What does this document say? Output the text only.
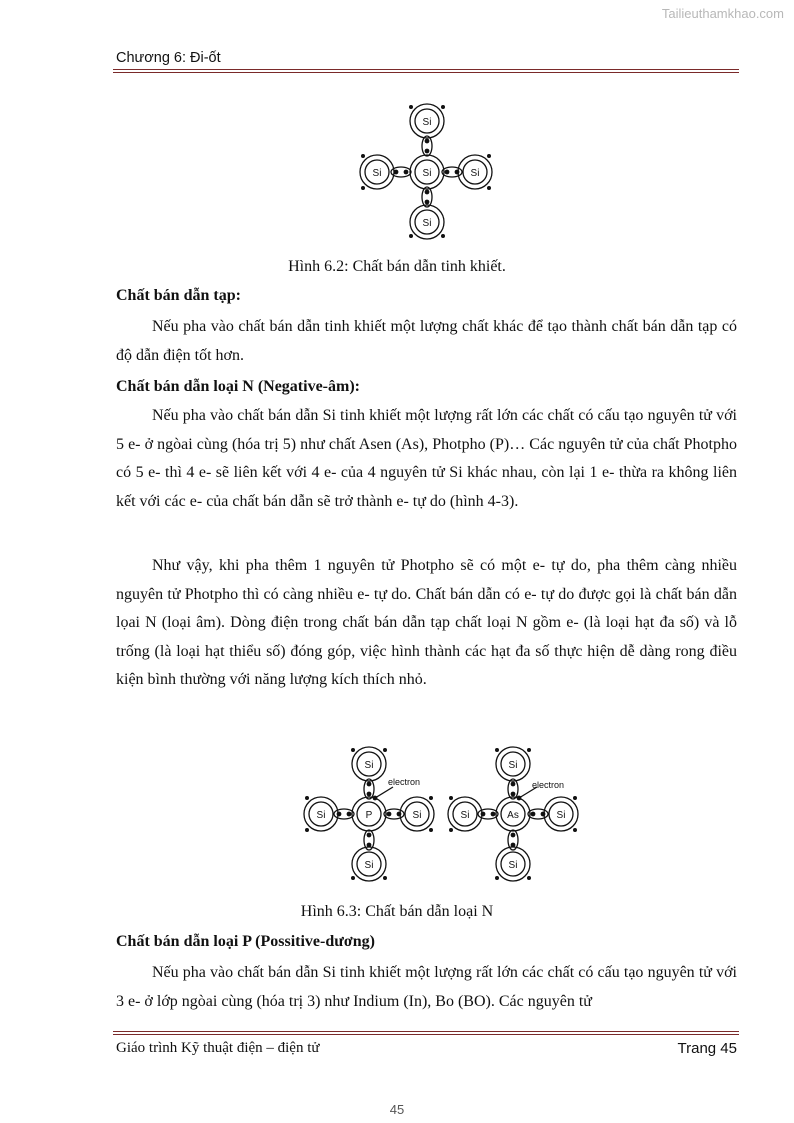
Tailieuthamkhao.com
Chương 6: Đi-ốt
Si
Si
Si
Si	Si
Hình 6.2: Chất bán dẫn tinh khiết.
Chất bán dẫn tạp:

Nếu pha vào chất bán dẫn tinh khiết một lượng chất khác để tạo thành chất bán dẫn tạp có độ dẫn điện tốt hơn.

Chất bán dẫn loại N (Negative-âm):

Nếu pha vào chất bán dẫn Si tinh khiết một lượng rất lớn các chất có cấu tạo nguyên tử với 5 e- ở ngòai cùng (hóa trị 5) như chất Asen (As), Photpho (P)… Các nguyên tử của chất Photpho có 5 e- thì 4 e- sẽ liên kết với 4 e- của 4 nguyên tử Si khác nhau, còn lại 1 e- thừa ra không liên kết với các e- của chất bán dẫn sẽ trở thành e- tự do (hình 4-3).

Như vậy, khi pha thêm 1 nguyên tử Photpho sẽ có một e- tự do, pha thêm càng nhiều nguyên tử Photpho thì có càng nhiều e- tự do. Chất bán dẫn có e- tự do được gọi là chất bán dẫn lọai N (loại âm). Dòng điện trong chất bán dẫn tạp chất loại N gồm e- (là loại hạt đa số) và lỗ trống (là loại hạt thiểu số) đóng góp, việc hình thành các hạt đa số thực hiện dễ dàng rong điều kiện bình thường với năng lượng kích thích nhỏ.

P
Si
Si
Si	Si
electron
As
Si
Si
Si	Si
electron
Hình 6.3: Chất bán dẫn loại N
Chất bán dẫn loại P (Possitive-dương)

Nếu pha vào chất bán dẫn Si tinh khiết một lượng rất lớn các chất có cấu tạo nguyên tử với 3 e- ở lớp ngòai cùng (hóa trị 3) như Indium (In), Bo (BO). Các nguyên tử

Giáo trình Kỹ thuật điện – điện tử	Trang 45
45
